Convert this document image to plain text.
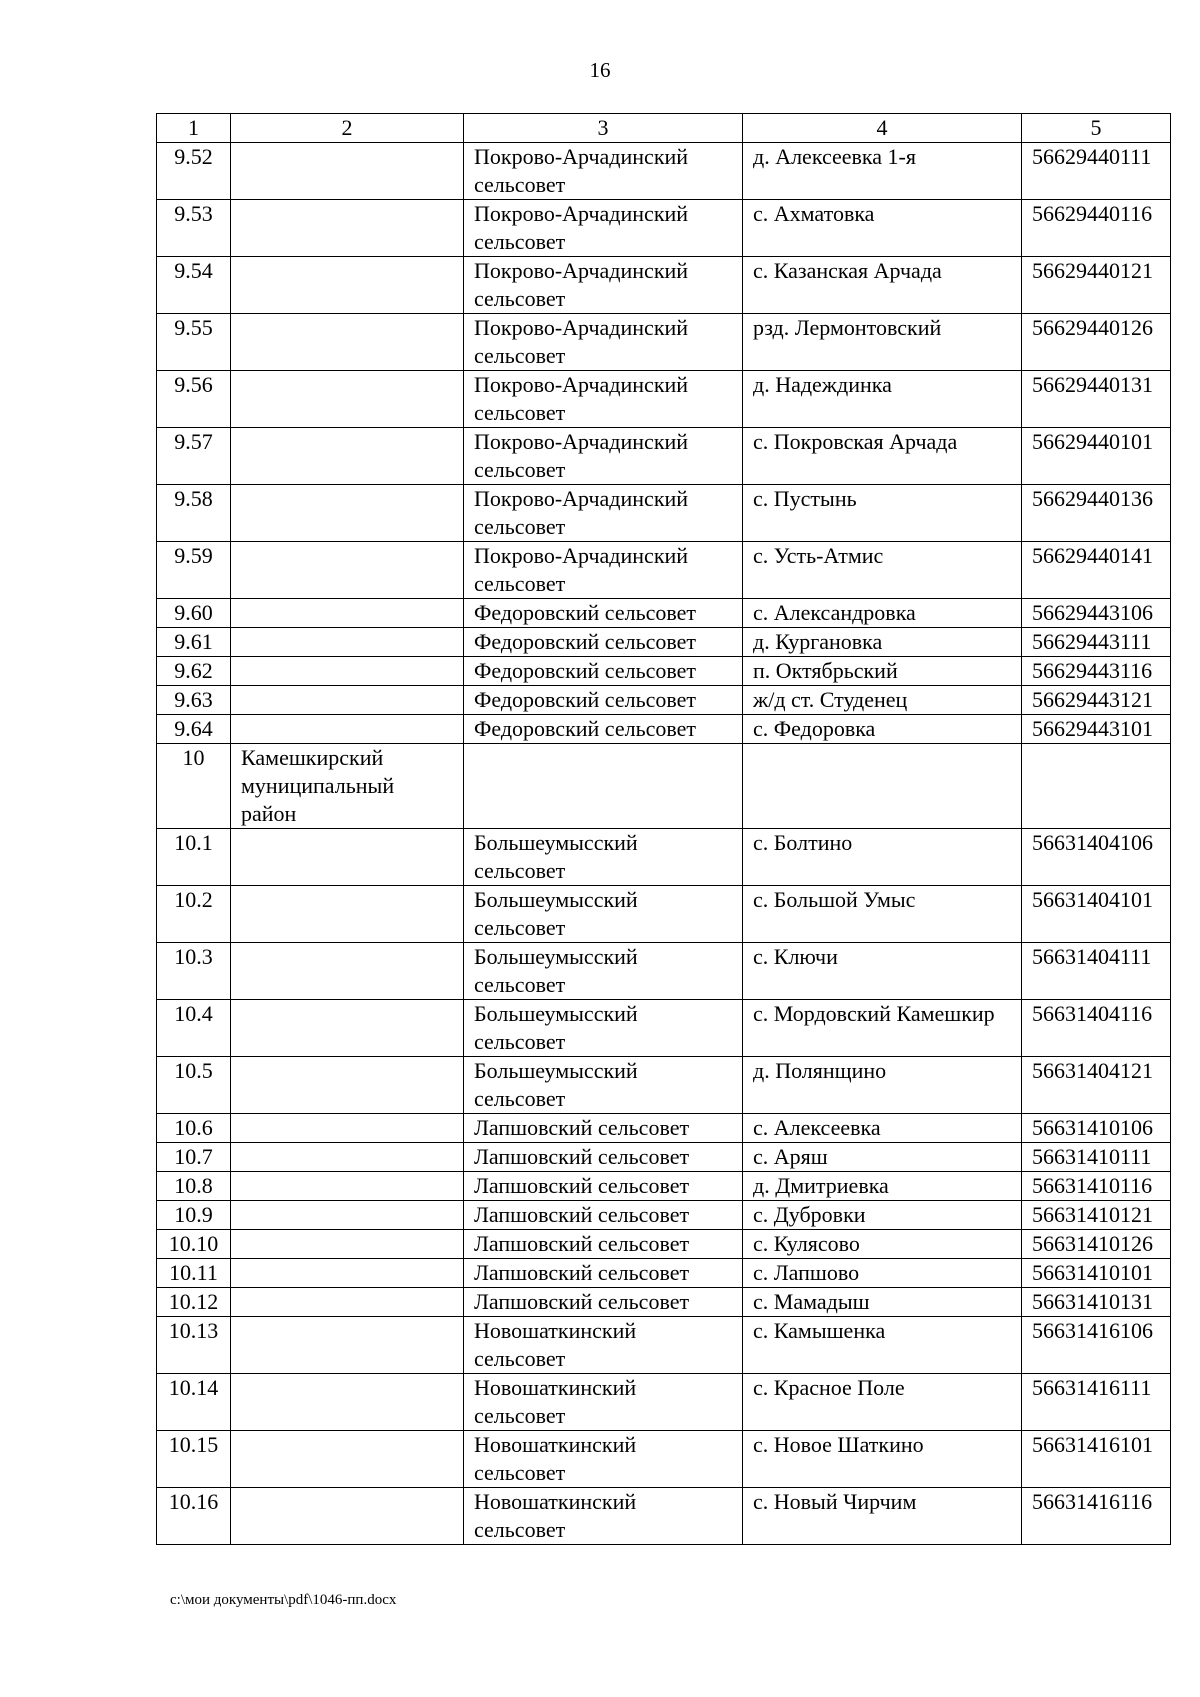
16
1	2	3	4	5
9.52		Покрово-Арчадинский сельсовет	д. Алексеевка 1-я	56629440111
9.53		Покрово-Арчадинский сельсовет	с. Ахматовка	56629440116
9.54		Покрово-Арчадинский сельсовет	с. Казанская Арчада	56629440121
9.55		Покрово-Арчадинский сельсовет	рзд. Лермонтовский	56629440126
9.56		Покрово-Арчадинский сельсовет	д. Надеждинка	56629440131
9.57		Покрово-Арчадинский сельсовет	с. Покровская Арчада	56629440101
9.58		Покрово-Арчадинский сельсовет	с. Пустынь	56629440136
9.59		Покрово-Арчадинский сельсовет	с. Усть-Атмис	56629440141
9.60		Федоровский сельсовет	с. Александровка	56629443106
9.61		Федоровский сельсовет	д. Кургановка	56629443111
9.62		Федоровский сельсовет	п. Октябрьский	56629443116
9.63		Федоровский сельсовет	ж/д ст. Студенец	56629443121
9.64		Федоровский сельсовет	с. Федоровка	56629443101
10	Камешкирский муниципальный район			
10.1		Большеумысский сельсовет	с. Болтино	56631404106
10.2		Большеумысский сельсовет	с. Большой Умыс	56631404101
10.3		Большеумысский сельсовет	с. Ключи	56631404111
10.4		Большеумысский сельсовет	с. Мордовский Камешкир	56631404116
10.5		Большеумысский сельсовет	д. Полянщино	56631404121
10.6		Лапшовский сельсовет	с. Алексеевка	56631410106
10.7		Лапшовский сельсовет	с. Аряш	56631410111
10.8		Лапшовский сельсовет	д. Дмитриевка	56631410116
10.9		Лапшовский сельсовет	с. Дубровки	56631410121
10.10		Лапшовский сельсовет	с. Кулясово	56631410126
10.11		Лапшовский сельсовет	с. Лапшово	56631410101
10.12		Лапшовский сельсовет	с. Мамадыш	56631410131
10.13		Новошаткинский сельсовет	с. Камышенка	56631416106
10.14		Новошаткинский сельсовет	с. Красное Поле	56631416111
10.15		Новошаткинский сельсовет	с. Новое Шаткино	56631416101
10.16		Новошаткинский сельсовет	с. Новый Чирчим	56631416116
c:\мои документы\pdf\1046-пп.docx
